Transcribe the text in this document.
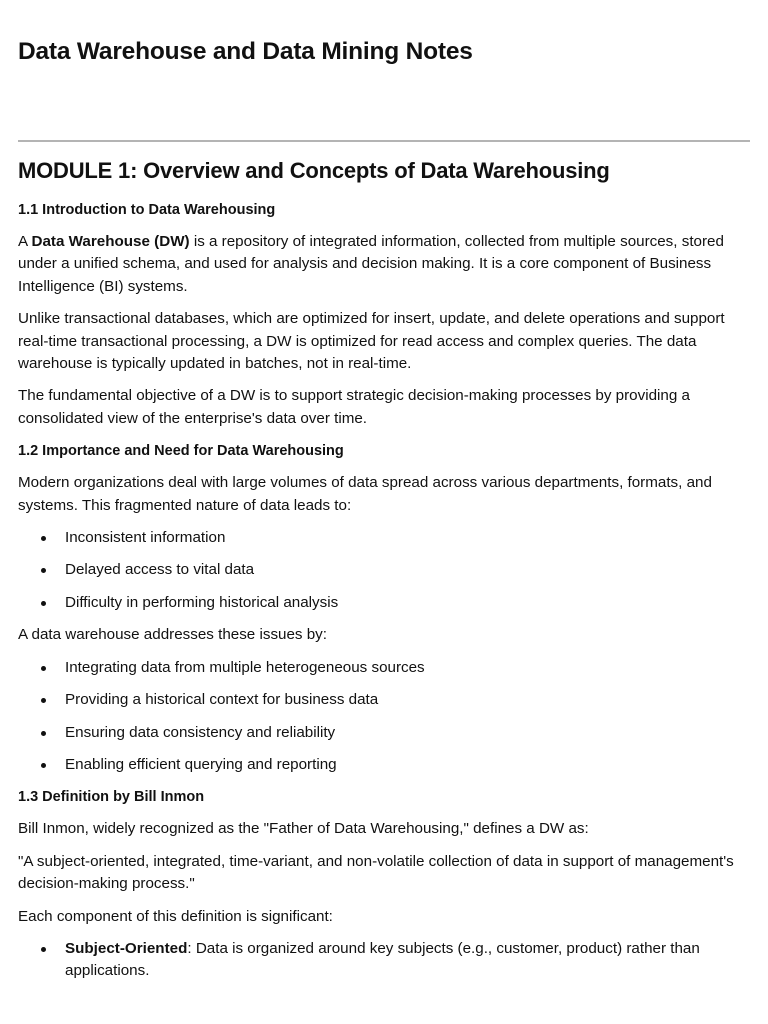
Data Warehouse and Data Mining Notes
MODULE 1: Overview and Concepts of Data Warehousing
1.1 Introduction to Data Warehousing

A Data Warehouse (DW) is a repository of integrated information, collected from multiple sources, stored under a unified schema, and used for analysis and decision making. It is a core component of Business Intelligence (BI) systems.

Unlike transactional databases, which are optimized for insert, update, and delete operations and support real-time transactional processing, a DW is optimized for read access and complex queries. The data warehouse is typically updated in batches, not in real-time.

The fundamental objective of a DW is to support strategic decision-making processes by providing a consolidated view of the enterprise's data over time.

1.2 Importance and Need for Data Warehousing

Modern organizations deal with large volumes of data spread across various departments, formats, and systems. This fragmented nature of data leads to:

Inconsistent information
Delayed access to vital data
Difficulty in performing historical analysis

A data warehouse addresses these issues by:

Integrating data from multiple heterogeneous sources
Providing a historical context for business data
Ensuring data consistency and reliability
Enabling efficient querying and reporting
1.3 Definition by Bill Inmon

Bill Inmon, widely recognized as the "Father of Data Warehousing," defines a DW as:

"A subject-oriented, integrated, time-variant, and non-volatile collection of data in support of management's decision-making process."

Each component of this definition is significant:

Subject-Oriented: Data is organized around key subjects (e.g., customer, product) rather than applications.
